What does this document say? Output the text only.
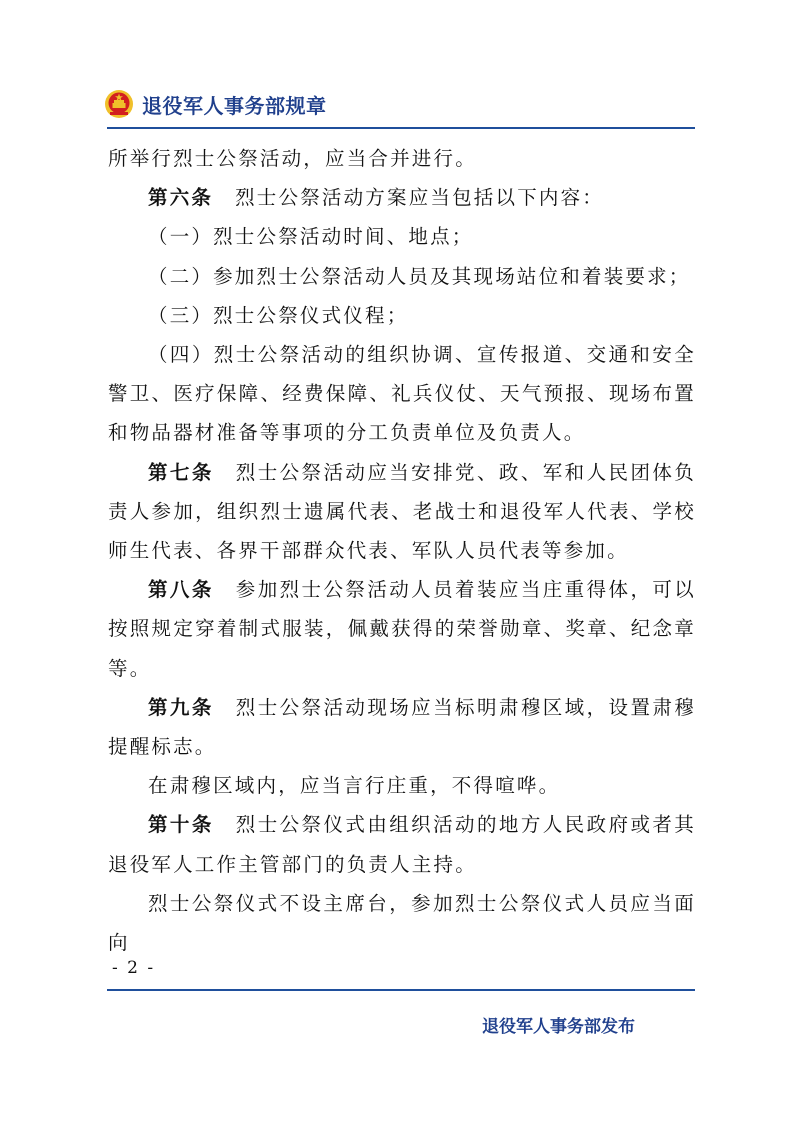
退役军人事务部规章

所举行烈士公祭活动，应当合并进行。

第六条 烈士公祭活动方案应当包括以下内容：

（一）烈士公祭活动时间、地点；

（二）参加烈士公祭活动人员及其现场站位和着装要求；

（三）烈士公祭仪式仪程；

（四）烈士公祭活动的组织协调、宣传报道、交通和安全警卫、医疗保障、经费保障、礼兵仪仗、天气预报、现场布置和物品器材准备等事项的分工负责单位及负责人。

第七条 烈士公祭活动应当安排党、政、军和人民团体负责人参加，组织烈士遗属代表、老战士和退役军人代表、学校师生代表、各界干部群众代表、军队人员代表等参加。

第八条 参加烈士公祭活动人员着装应当庄重得体，可以按照规定穿着制式服装，佩戴获得的荣誉勋章、奖章、纪念章等。

第九条 烈士公祭活动现场应当标明肃穆区域，设置肃穆提醒标志。

在肃穆区域内，应当言行庄重，不得喧哗。

第十条 烈士公祭仪式由组织活动的地方人民政府或者其退役军人工作主管部门的负责人主持。

烈士公祭仪式不设主席台，参加烈士公祭仪式人员应当面向

- 2 -
退役军人事务部发布
